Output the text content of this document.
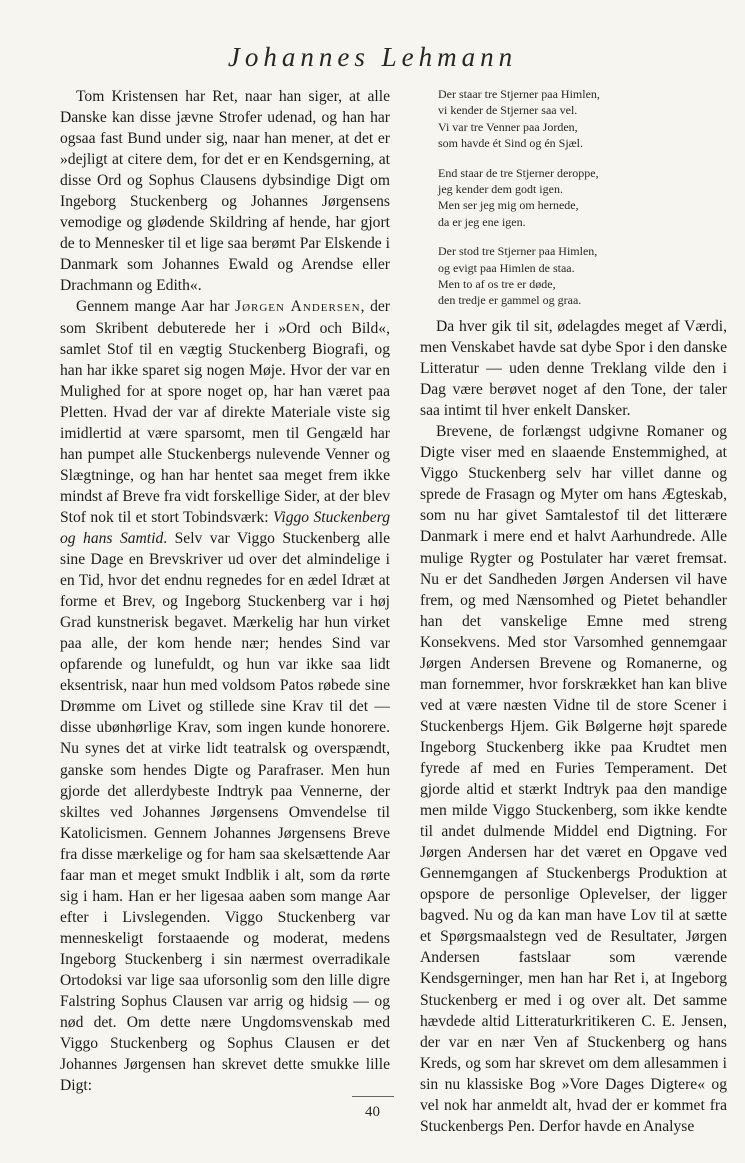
Johannes Lehmann

Tom Kristensen har Ret, naar han siger, at alle Danske kan disse jævne Strofer udenad, og han har ogsaa fast Bund under sig, naar han mener, at det er »dejligt at citere dem, for det er en Kendsgerning, at disse Ord og Sophus Clausens dybsindige Digt om Ingeborg Stuckenberg og Johannes Jørgensens vemodige og glødende Skildring af hende, har gjort de to Mennesker til et lige saa berømt Par Elskende i Danmark som Johannes Ewald og Arendse eller Drachmann og Edith«.

Gennem mange Aar har Jørgen Andersen, der som Skribent debuterede her i »Ord och Bild«, samlet Stof til en vægtig Stuckenberg Biografi, og han har ikke sparet sig nogen Møje. Hvor der var en Mulighed for at spore noget op, har han været paa Pletten. Hvad der var af direkte Materiale viste sig imidlertid at være sparsomt, men til Gengæld har han pumpet alle Stuckenbergs nulevende Venner og Slægtninge, og han har hentet saa meget frem ikke mindst af Breve fra vidt forskellige Sider, at der blev Stof nok til et stort Tobindsværk: Viggo Stuckenberg og hans Samtid. Selv var Viggo Stuckenberg alle sine Dage en Brevskriver ud over det almindelige i en Tid, hvor det endnu regnedes for en ædel Idræt at forme et Brev, og Ingeborg Stuckenberg var i høj Grad kunstnerisk begavet. Mærkelig har hun virket paa alle, der kom hende nær; hendes Sind var opfarende og lunefuldt, og hun var ikke saa lidt eksentrisk, naar hun med voldsom Patos røbede sine Drømme om Livet og stillede sine Krav til det — disse ubønhørlige Krav, som ingen kunde honorere. Nu synes det at virke lidt teatralsk og overspændt, ganske som hendes Digte og Parafraser. Men hun gjorde det allerdybeste Indtryk paa Vennerne, der skiltes ved Johannes Jørgensens Omvendelse til Katolicismen. Gennem Johannes Jørgensens Breve fra disse mærkelige og for ham saa skelsættende Aar faar man et meget smukt Indblik i alt, som da rørte sig i ham. Han er her ligesaa aaben som mange Aar efter i Livslegenden. Viggo Stuckenberg var menneskeligt forstaaende og moderat, medens Ingeborg Stuckenberg i sin nærmest overradikale Ortodoksi var lige saa uforsonlig som den lille digre Falstring Sophus Clausen var arrig og hidsig — og nød det. Om dette nære Ungdomsvenskab med Viggo Stuckenberg og Sophus Clausen er det Johannes Jørgensen han skrevet dette smukke lille Digt:

Der staar tre Stjerner paa Himlen,
vi kender de Stjerner saa vel.
Vi var tre Venner paa Jorden,
som havde ét Sind og én Sjæl.
End staar de tre Stjerner deroppe,
jeg kender dem godt igen.
Men ser jeg mig om hernede,
da er jeg ene igen.
Der stod tre Stjerner paa Himlen,
og evigt paa Himlen de staa.
Men to af os tre er døde,
den tredje er gammel og graa.

Da hver gik til sit, ødelagdes meget af Værdi, men Venskabet havde sat dybe Spor i den danske Litteratur — uden denne Treklang vilde den i Dag være berøvet noget af den Tone, der taler saa intimt til hver enkelt Dansker.

Brevene, de forlængst udgivne Romaner og Digte viser med en slaaende Enstemmighed, at Viggo Stuckenberg selv har villet danne og sprede de Frasagn og Myter om hans Ægteskab, som nu har givet Samtalestof til det litterære Danmark i mere end et halvt Aarhundrede. Alle mulige Rygter og Postulater har været fremsat. Nu er det Sandheden Jørgen Andersen vil have frem, og med Nænsomhed og Pietet behandler han det vanskelige Emne med streng Konsekvens. Med stor Varsomhed gennemgaar Jørgen Andersen Brevene og Romanerne, og man fornemmer, hvor forskrækket han kan blive ved at være næsten Vidne til de store Scener i Stuckenbergs Hjem. Gik Bølgerne højt sparede Ingeborg Stuckenberg ikke paa Krudtet men fyrede af med en Furies Temperament. Det gjorde altid et stærkt Indtryk paa den mandige men milde Viggo Stuckenberg, som ikke kendte til andet dulmende Middel end Digtning. For Jørgen Andersen har det været en Opgave ved Gennemgangen af Stuckenbergs Produktion at opspore de personlige Oplevelser, der ligger bagved. Nu og da kan man have Lov til at sætte et Spørgsmaalstegn ved de Resultater, Jørgen Andersen fastslaar som værende Kendsgerninger, men han har Ret i, at Ingeborg Stuckenberg er med i og over alt. Det samme hævdede altid Litteraturkritikeren C. E. Jensen, der var en nær Ven af Stuckenberg og hans Kreds, og som har skrevet om dem allesammen i sin nu klassiske Bog »Vore Dages Digtere« og vel nok har anmeldt alt, hvad der er kommet fra Stuckenbergs Pen. Derfor havde en Analyse

40
